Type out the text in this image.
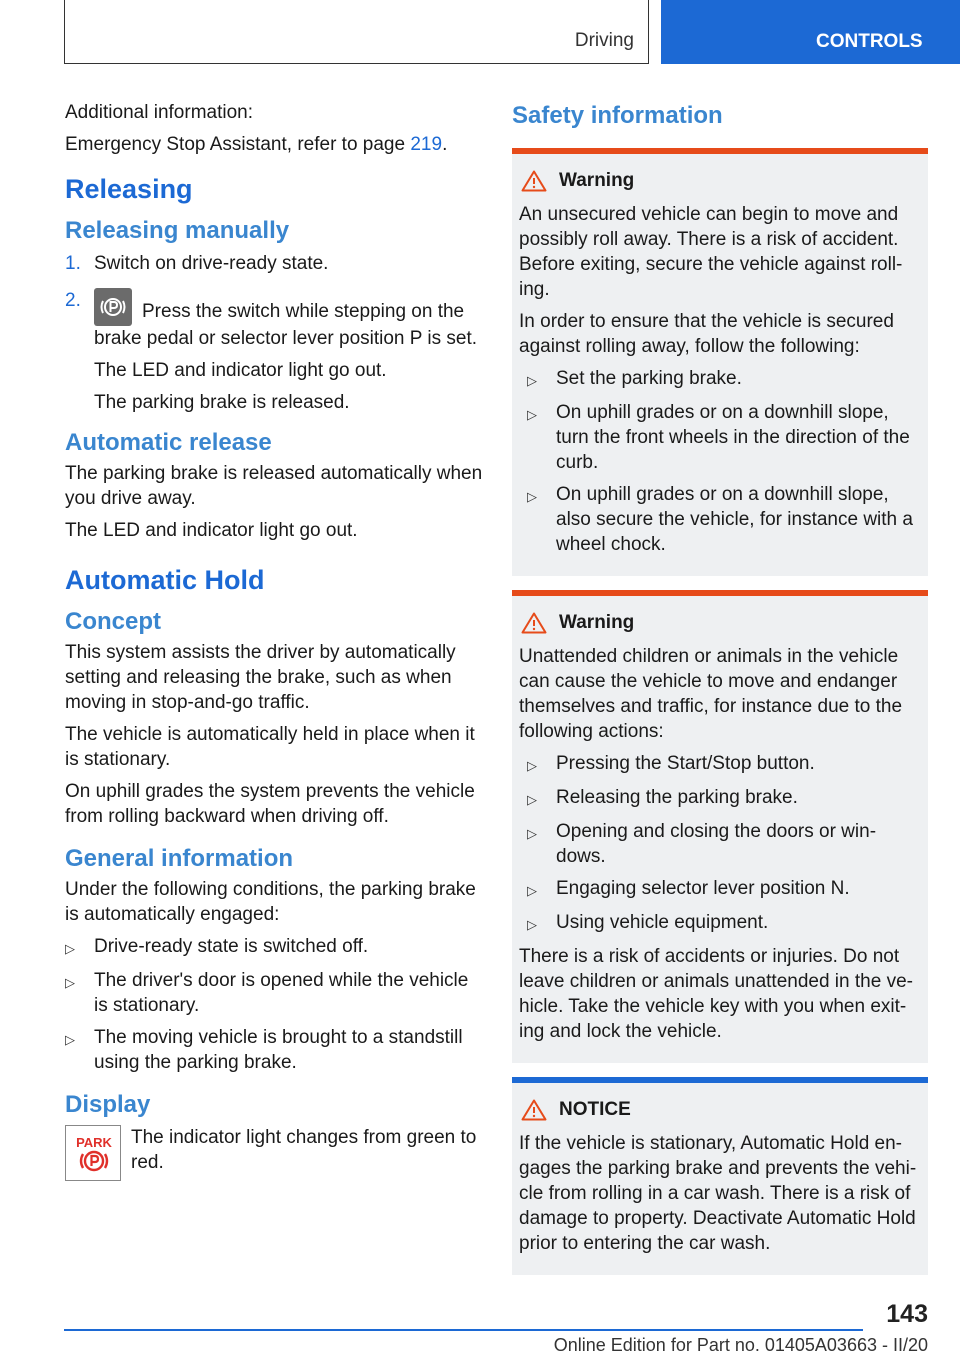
Driving	CONTROLS

Additional information:

Emergency Stop Assistant, refer to page 219.

Releasing
Releasing manually
1. Switch on drive-ready state.
2.
Press the switch while stepping on the brake pedal or selector lever position P is set.

The LED and indicator light go out.

The parking brake is released.

Automatic release

The parking brake is released automatically when you drive away.

The LED and indicator light go out.

Automatic Hold
Concept

This system assists the driver by automatically setting and releasing the brake, such as when moving in stop-and-go traffic.

The vehicle is automatically held in place when it is stationary.

On uphill grades the system prevents the vehicle from rolling backward when driving off.

General information

Under the following conditions, the parking brake is automatically engaged:

▷	Drive-ready state is switched off.
▷	The driver's door is opened while the vehicle is stationary.
▷	The moving vehicle is brought to a standstill using the parking brake.
Display
PARK The indicator light changes from green to red.

Safety information
Warning

An unsecured vehicle can begin to move and possibly roll away. There is a risk of accident. Before exiting, secure the vehicle against roll-ing.

In order to ensure that the vehicle is secured against rolling away, follow the following:

▷	Set the parking brake.
▷	On uphill grades or on a downhill slope, turn the front wheels in the direction of the curb.
▷	On uphill grades or on a downhill slope, also secure the vehicle, for instance with a wheel chock.
Warning

Unattended children or animals in the vehicle can cause the vehicle to move and endanger themselves and traffic, for instance due to the following actions:

▷	Pressing the Start/Stop button.
▷	Releasing the parking brake.
▷	Opening and closing the doors or win-dows.
▷	Engaging selector lever position N.
▷	Using vehicle equipment.

There is a risk of accidents or injuries. Do not leave children or animals unattended in the ve-hicle. Take the vehicle key with you when exit-ing and lock the vehicle.

NOTICE

If the vehicle is stationary, Automatic Hold en-gages the parking brake and prevents the vehi-cle from rolling in a car wash. There is a risk of damage to property. Deactivate Automatic Hold prior to entering the car wash.

143
Online Edition for Part no. 01405A03663 - II/20
